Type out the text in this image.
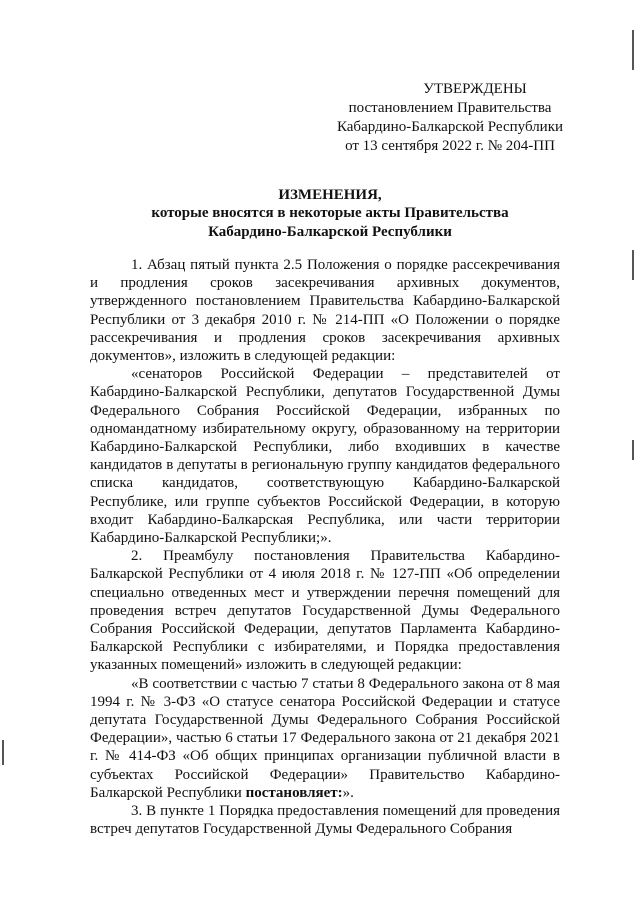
УТВЕРЖДЕНЫ
постановлением Правительства
Кабардино-Балкарской Республики
от 13 сентября 2022 г. № 204-ПП
ИЗМЕНЕНИЯ,
которые вносятся в некоторые акты Правительства
Кабардино-Балкарской Республики

1. Абзац пятый пункта 2.5 Положения о порядке рассекречивания и продления сроков засекречивания архивных документов, утвержденного постановлением Правительства Кабардино-Балкарской Республики от 3 декабря 2010 г. № 214-ПП «О Положении о порядке рассекречивания и продления сроков засекречивания архивных документов», изложить в следующей редакции:

«сенаторов Российской Федерации – представителей от Кабардино-Балкарской Республики, депутатов Государственной Думы Федерального Собрания Российской Федерации, избранных по одномандатному избирательному округу, образованному на территории Кабардино-Балкарской Республики, либо входивших в качестве кандидатов в депутаты в региональную группу кандидатов федерального списка кандидатов, соответствующую Кабардино-Балкарской Республике, или группе субъектов Российской Федерации, в которую входит Кабардино-Балкарская Республика, или части территории Кабардино-Балкарской Республики;».

2. Преамбулу постановления Правительства Кабардино-Балкарской Республики от 4 июля 2018 г. № 127-ПП «Об определении специально отведенных мест и утверждении перечня помещений для проведения встреч депутатов Государственной Думы Федерального Собрания Российской Федерации, депутатов Парламента Кабардино-Балкарской Республики с избирателями, и Порядка предоставления указанных помещений» изложить в следующей редакции:

«В соответствии с частью 7 статьи 8 Федерального закона от 8 мая 1994 г. № 3-ФЗ «О статусе сенатора Российской Федерации и статусе депутата Государственной Думы Федерального Собрания Российской Федерации», частью 6 статьи 17 Федерального закона от 21 декабря 2021 г. № 414-ФЗ «Об общих принципах организации публичной власти в субъектах Российской Федерации» Правительство Кабардино-Балкарской Республики постановляет:».

3. В пункте 1 Порядка предоставления помещений для проведения встреч депутатов Государственной Думы Федерального Собрания
